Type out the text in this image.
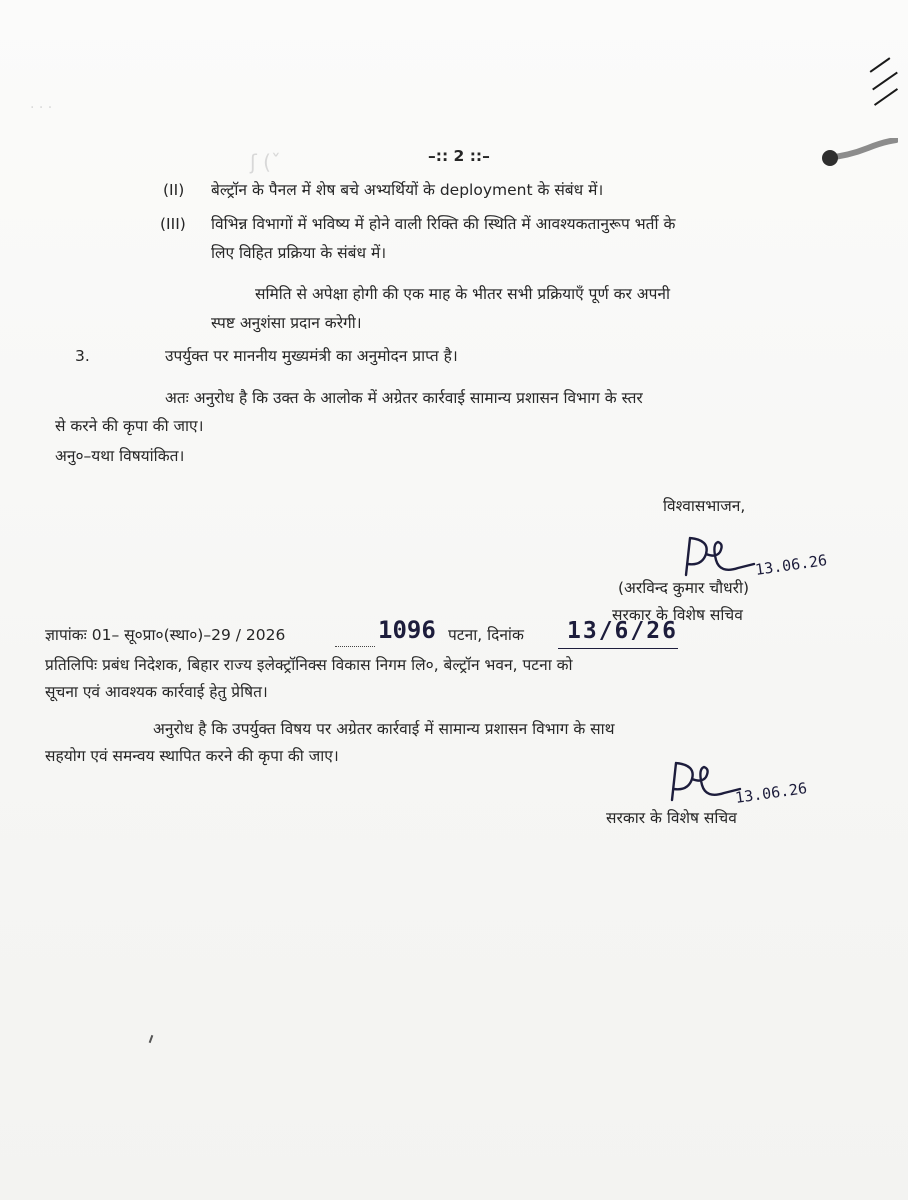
ʃ (ˇ
· · ·
–:: 2 ::–
(II) बेल्ट्रॉन के पैनल में शेष बचे अभ्यर्थियों के deployment के संबंध में।
(III) विभिन्न विभागों में भविष्य में होने वाली रिक्ति की स्थिति में आवश्यकतानुरूप भर्ती के
लिए विहित प्रक्रिया के संबंध में।
समिति से अपेक्षा होगी की एक माह के भीतर सभी प्रक्रियाएँ पूर्ण कर अपनी
स्पष्ट अनुशंसा प्रदान करेगी।
3.	उपर्युक्त पर माननीय मुख्यमंत्री का अनुमोदन प्राप्त है।
अतः अनुरोध है कि उक्त के आलोक में अग्रेतर कार्रवाई सामान्य प्रशासन विभाग के स्तर
से करने की कृपा की जाए।
अनु०–यथा विषयांकित।
विश्वासभाजन,
13.06.26
(अरविन्द कुमार चौधरी)
सरकार के विशेष सचिव
ज्ञापांकः 01– सू०प्रा०(स्था०)–29 / 2026	1096 पटना, दिनांक 13/6/26
प्रतिलिपिः प्रबंध निदेशक, बिहार राज्य इलेक्ट्रॉनिक्स विकास निगम लि०, बेल्ट्रॉन भवन, पटना को
सूचना एवं आवश्यक कार्रवाई हेतु प्रेषित।
अनुरोध है कि उपर्युक्त विषय पर अग्रेतर कार्रवाई में सामान्य प्रशासन विभाग के साथ
सहयोग एवं समन्वय स्थापित करने की कृपा की जाए।
13.06.26
सरकार के विशेष सचिव
